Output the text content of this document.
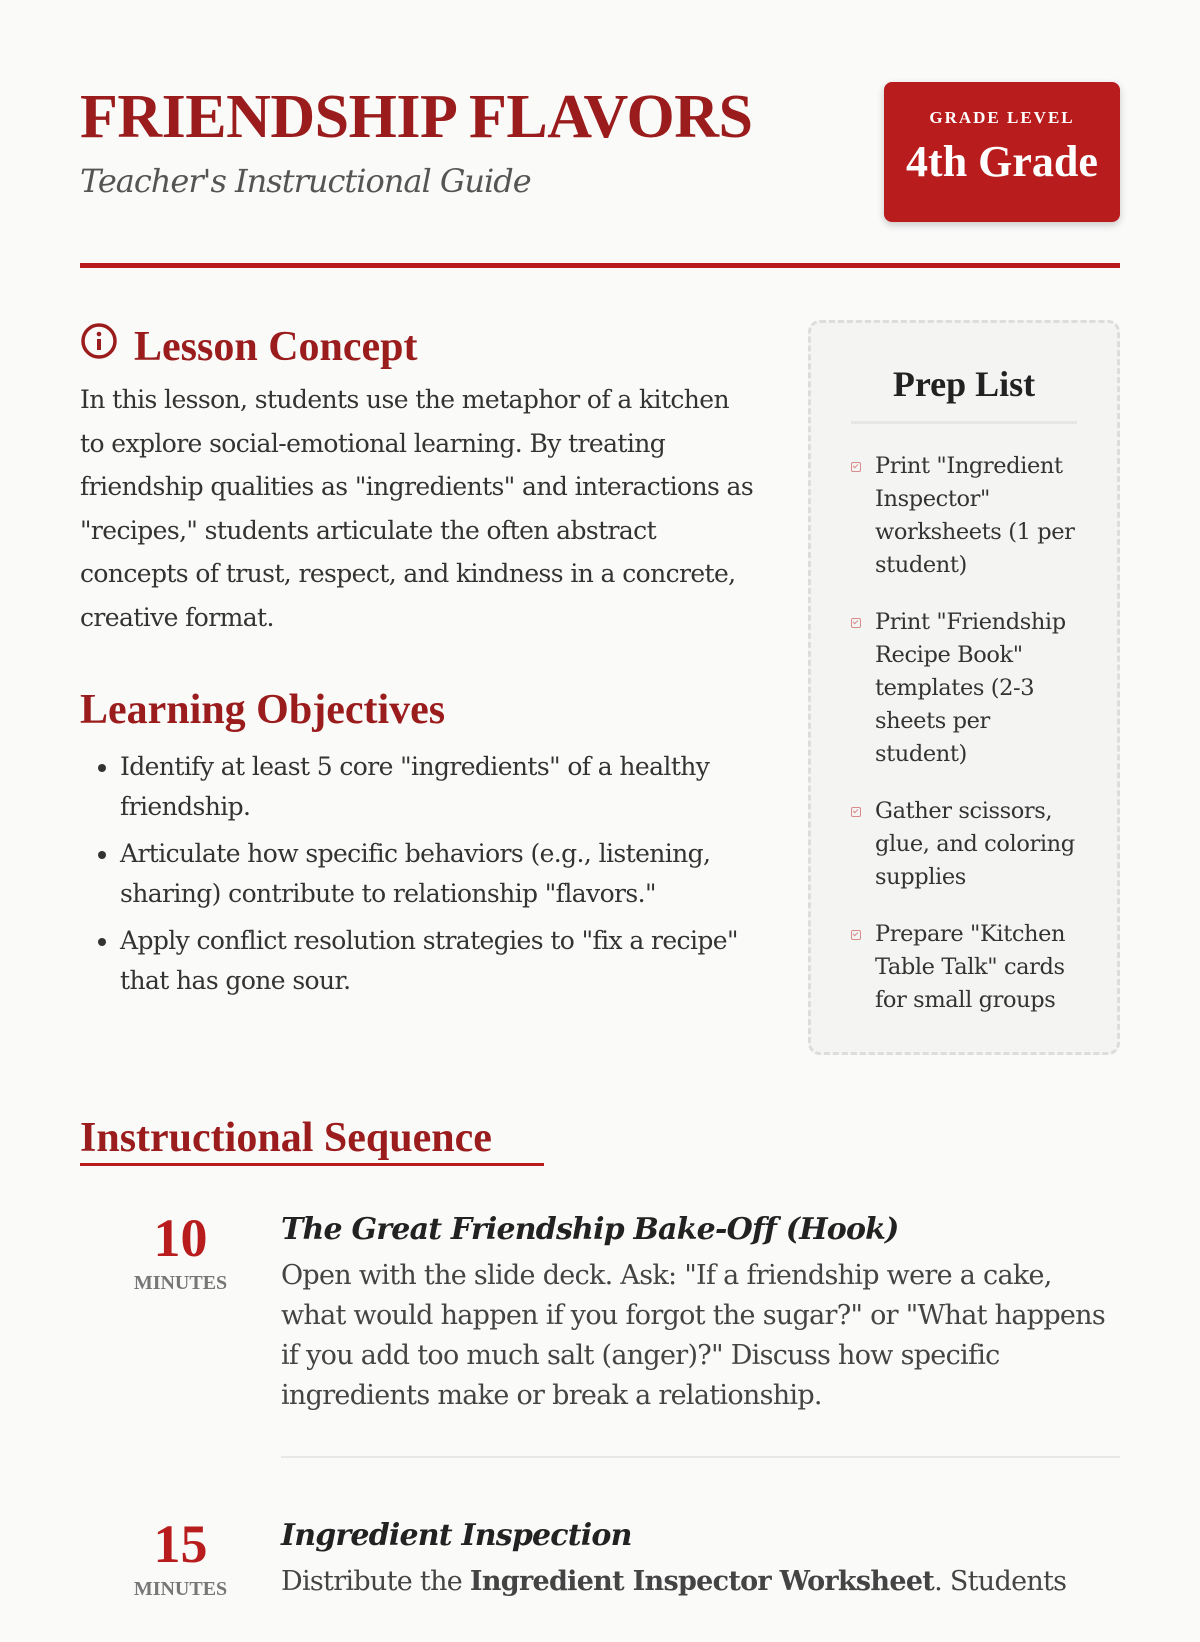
FRIENDSHIP FLAVORS
Teacher's Instructional Guide
GRADE LEVEL
4th Grade
Lesson Concept

In this lesson, students use the metaphor of a kitchen to explore social-emotional learning. By treating friendship qualities as "ingredients" and interactions as "recipes," students articulate the often abstract concepts of trust, respect, and kindness in a concrete, creative format.

Learning Objectives
• Identify at least 5 core "ingredients" of a healthy friendship.
• Articulate how specific behaviors (e.g., listening, sharing) contribute to relationship "flavors."
• Apply conflict resolution strategies to "fix a recipe" that has gone sour.
Prep List
Print "Ingredient Inspector" worksheets (1 per student)
Print "Friendship Recipe Book" templates (2-3 sheets per student)
Gather scissors, glue, and coloring supplies
Prepare "Kitchen Table Talk" cards for small groups
Instructional Sequence
10
MINUTES
The Great Friendship Bake-Off (Hook)

Open with the slide deck. Ask: "If a friendship were a cake, what would happen if you forgot the sugar?" or "What happens if you add too much salt (anger)?" Discuss how specific ingredients make or break a relationship.

15
MINUTES
Ingredient Inspection

Distribute the Ingredient Inspector Worksheet. Students
